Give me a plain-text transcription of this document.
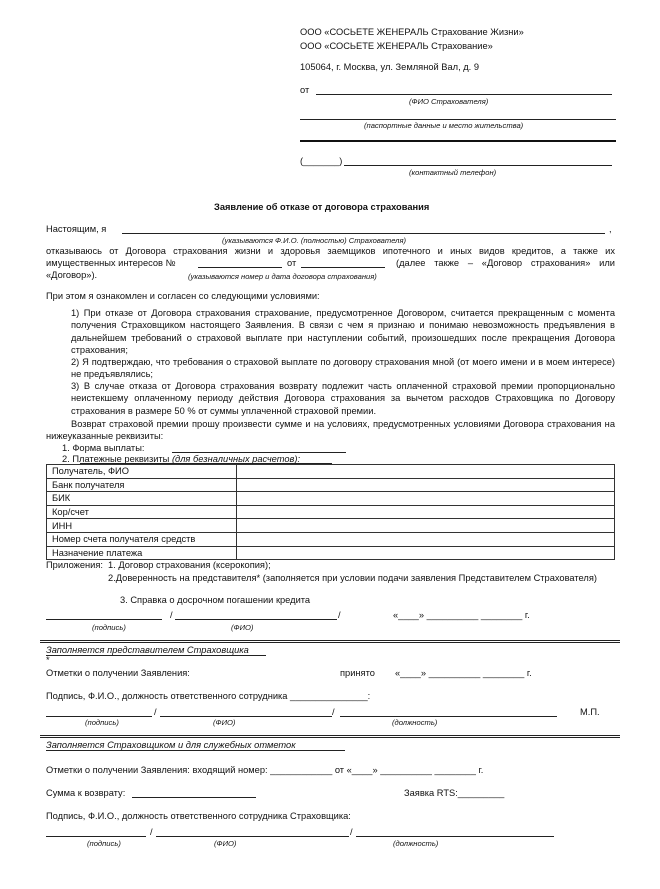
ООО «СОСЬЕТЕ ЖЕНЕРАЛЬ Страхование Жизни»
ООО «СОСЬЕТЕ ЖЕНЕРАЛЬ Страхование»
105064, г. Москва, ул. Земляной Вал, д. 9
от
(ФИО Страхователя)
(паспортные данные и место жительства)
(_______)
(контактный телефон)
Заявление об отказе от договора страхования
Настоящим, я	,
(указываются Ф.И.О. (полностью) Страхователя)
отказываюсь от Договора страхования жизни и здоровья заемщиков ипотечного и иных видов кредитов, а также их
имущественных интересов №	от	(далее также – «Договор страхования» или
«Договор»).	(указываются номер и дата договора страхования)
При этом я ознакомлен и согласен со следующими условиями:
1) При отказе от Договора страхования страхование, предусмотренное Договором, считается прекращенным с момента получения Страховщиком настоящего Заявления. В связи с чем я признаю и понимаю невозможность предъявления в дальнейшем требований о страховой выплате при наступлении событий, произошедших после прекращения Договора страхования;
2) Я подтверждаю, что требования о страховой выплате по договору страхования мной (от моего имени и в моем интересе) не предъявлялись;
3) В случае отказа от Договора страхования возврату подлежит часть оплаченной страховой премии пропорционально неистекшему оплаченному периоду действия Договора страхования за вычетом расходов Страховщика по Договору страхования в размере 50 % от суммы уплаченной страховой премии.
Возврат страховой премии прошу произвести сумме и на условиях, предусмотренных условиями Договора страхования на нижеуказанные реквизиты:
1. Форма выплаты:
2. Платежные реквизиты (для безналичных расчетов):
Получатель, ФИО	
Банк получателя	
БИК	
Кор/счет	
ИНН	
Номер счета получателя средств	
Назначение платежа	
Приложения: 1. Договор страхования (ксерокопия);
2.Доверенность на представителя* (заполняется при условии подачи заявления Представителем Страхователя)
3. Справка о досрочном погашении кредита
/	/	«____» __________ ________ г.
(подпись)	(ФИО)
Заполняется представителем Страховщика
*
Отметки о получении Заявления:	принято «____» __________ ________ г.
Подпись, Ф.И.О., должность ответственного сотрудника _______________:
/	/	М.П.
(подпись)	(ФИО)	(должность)
Заполняется Страховщиком и для служебных отметок
Отметки о получении Заявления: входящий номер: ____________ от «____» __________ ________ г.
Сумма к возврату:	Заявка RTS:_________
Подпись, Ф.И.О., должность ответственного сотрудника Страховщика:
/	/
(подпись)	(ФИО)	(должность)
